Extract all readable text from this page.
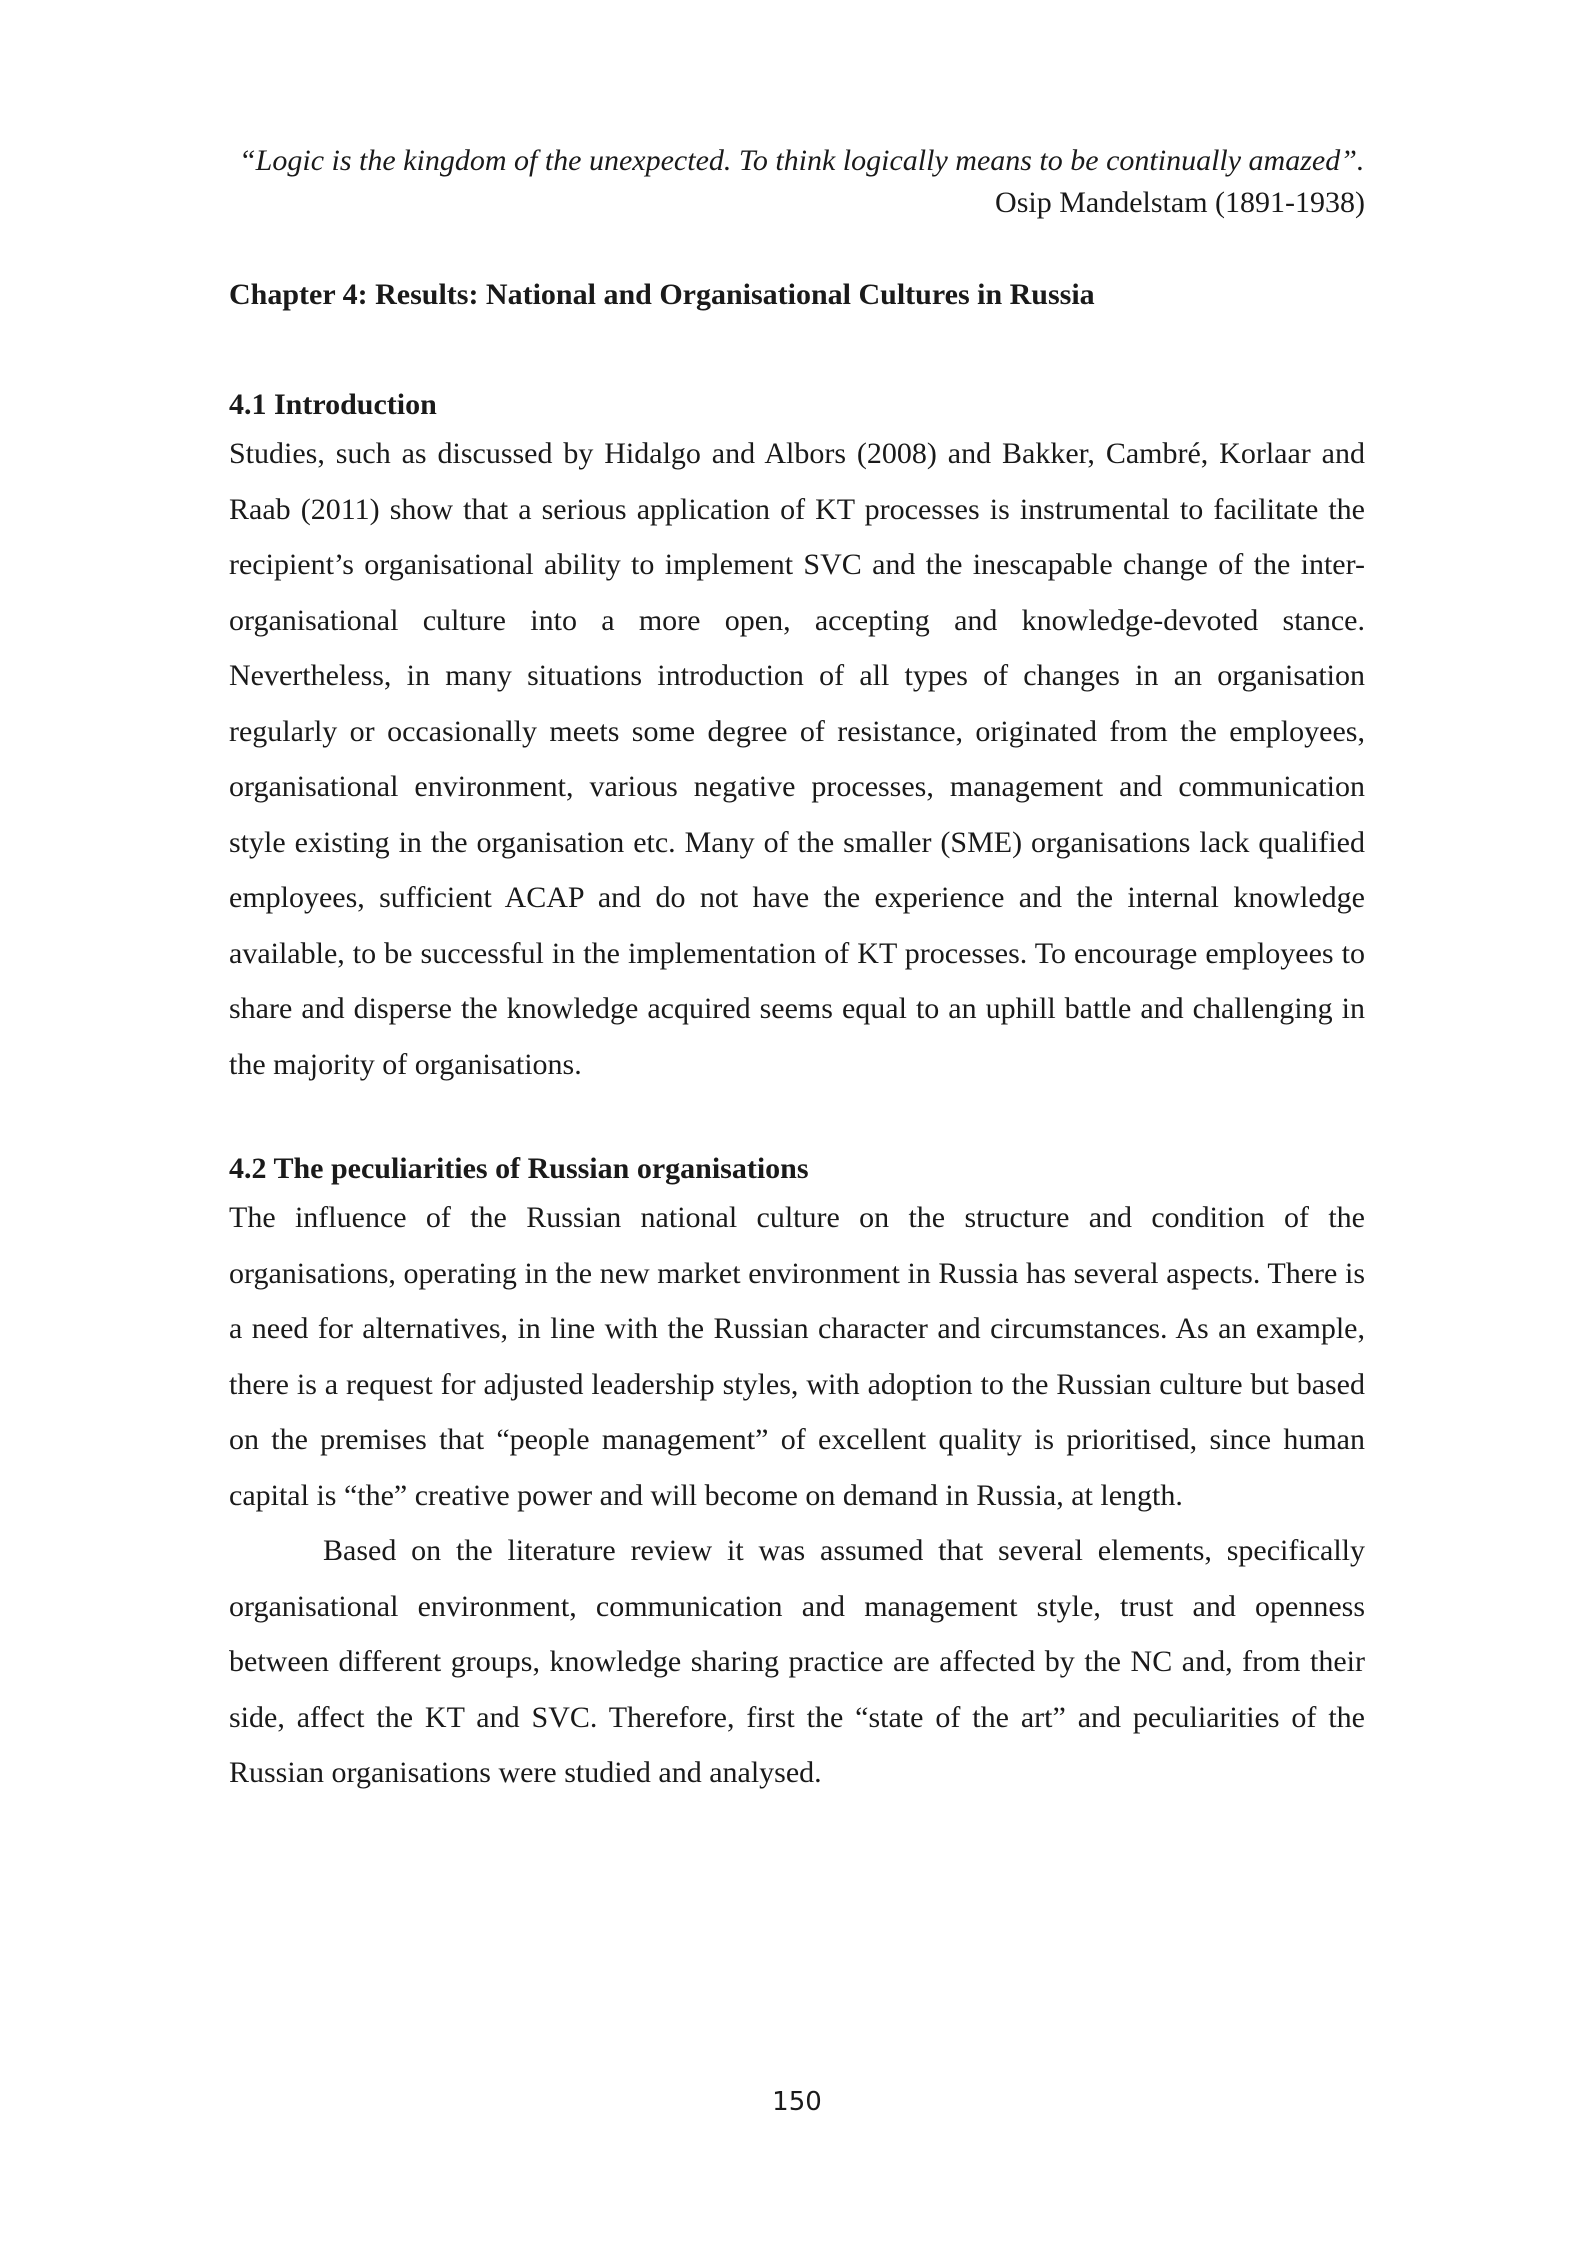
“Logic is the kingdom of the unexpected. To think logically means to be continually amazed”.

Osip Mandelstam (1891-1938)

Chapter 4: Results: National and Organisational Cultures in Russia
4.1 Introduction

Studies, such as discussed by Hidalgo and Albors (2008) and Bakker, Cambré, Korlaar and Raab (2011) show that a serious application of KT processes is instrumental to facilitate the recipient’s organisational ability to implement SVC and the inescapable change of the inter-organisational culture into a more open, accepting and knowledge-devoted stance. Nevertheless, in many situations introduction of all types of changes in an organisation regularly or occasionally meets some degree of resistance, originated from the employees, organisational environment, various negative processes, management and communication style existing in the organisation etc. Many of the smaller (SME) organisations lack qualified employees, sufficient ACAP and do not have the experience and the internal knowledge available, to be successful in the implementation of KT processes. To encourage employees to share and disperse the knowledge acquired seems equal to an uphill battle and challenging in the majority of organisations.

4.2 The peculiarities of Russian organisations

The influence of the Russian national culture on the structure and condition of the organisations, operating in the new market environment in Russia has several aspects. There is a need for alternatives, in line with the Russian character and circumstances. As an example, there is a request for adjusted leadership styles, with adoption to the Russian culture but based on the premises that “people management” of excellent quality is prioritised, since human capital is “the” creative power and will become on demand in Russia, at length.

Based on the literature review it was assumed that several elements, specifically organisational environment, communication and management style, trust and openness between different groups, knowledge sharing practice are affected by the NC and, from their side, affect the KT and SVC. Therefore, first the “state of the art” and peculiarities of the Russian organisations were studied and analysed.

150
